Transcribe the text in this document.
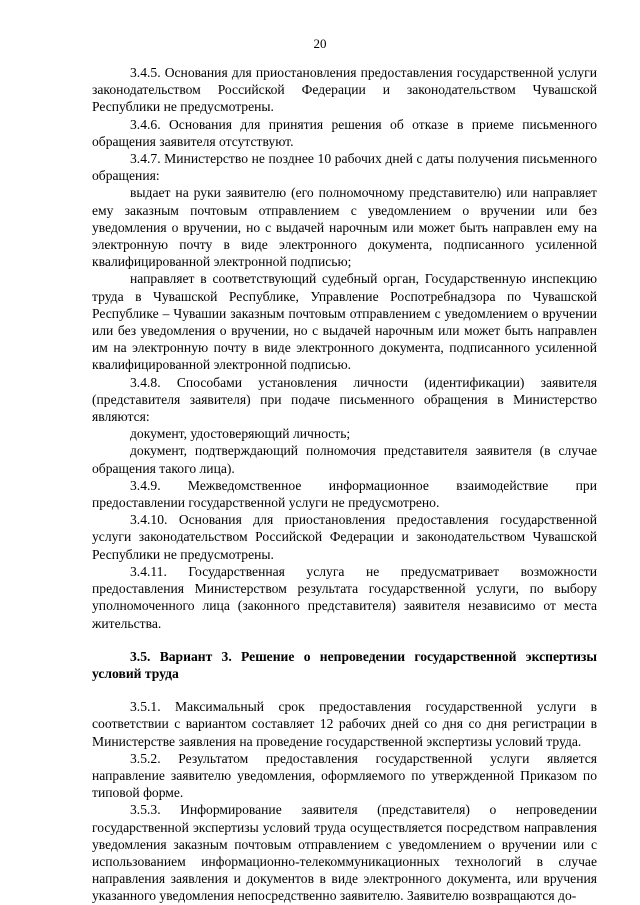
20

3.4.5. Основания для приостановления предоставления государственной услуги законодательством Российской Федерации и законодательством Чувашской Республики не предусмотрены.

3.4.6. Основания для принятия решения об отказе в приеме письменного обращения заявителя отсутствуют.

3.4.7. Министерство не позднее 10 рабочих дней с даты получения письменного обращения:

выдает на руки заявителю (его полномочному представителю) или направляет ему заказным почтовым отправлением с уведомлением о вручении или без уведомления о вручении, но с выдачей нарочным или может быть направлен ему на электронную почту в виде электронного документа, подписанного усиленной квалифицированной электронной подписью;

направляет в соответствующий судебный орган, Государственную инспекцию труда в Чувашской Республике, Управление Роспотребнадзора по Чувашской Республике – Чувашии заказным почтовым отправлением с уведомлением о вручении или без уведомления о вручении, но с выдачей нарочным или может быть направлен им на электронную почту в виде электронного документа, подписанного усиленной квалифицированной электронной подписью.

3.4.8. Способами установления личности (идентификации) заявителя (представителя заявителя) при подаче письменного обращения в Министерство являются:

документ, удостоверяющий личность;

документ, подтверждающий полномочия представителя заявителя (в случае обращения такого лица).

3.4.9. Межведомственное информационное взаимодействие при предоставлении государственной услуги не предусмотрено.

3.4.10. Основания для приостановления предоставления государственной услуги законодательством Российской Федерации и законодательством Чувашской Республики не предусмотрены.

3.4.11. Государственная услуга не предусматривает возможности предоставления Министерством результата государственной услуги, по выбору уполномоченного лица (законного представителя) заявителя независимо от места жительства.

3.5. Вариант 3. Решение о непроведении государственной экспертизы условий труда

3.5.1. Максимальный срок предоставления государственной услуги в соответствии с вариантом составляет 12 рабочих дней со дня со дня регистрации в Министерстве заявления на проведение государственной экспертизы условий труда.

3.5.2. Результатом предоставления государственной услуги является направление заявителю уведомления, оформляемого по утвержденной Приказом по типовой форме.

3.5.3. Информирование заявителя (представителя) о непроведении государственной экспертизы условий труда осуществляется посредством направления уведомления заказным почтовым отправлением с уведомлением о вручении или с использованием информационно-телекоммуникационных технологий в случае направления заявления и документов в виде электронного документа, или вручения указанного уведомления непосредственно заявителю. Заявителю возвращаются до-
